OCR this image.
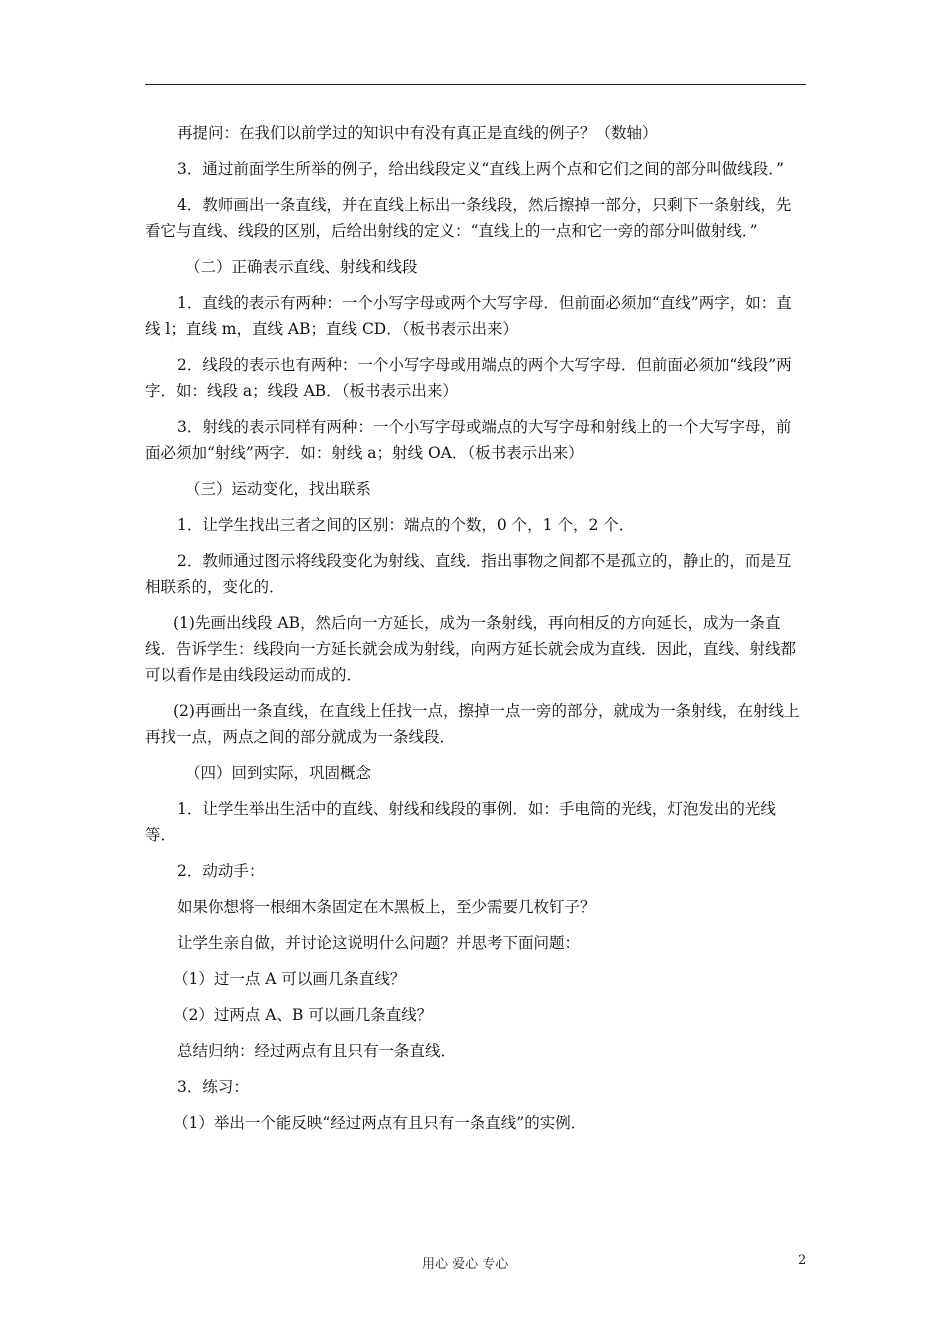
再提问：在我们以前学过的知识中有没有真正是直线的例子？（数轴）

3．通过前面学生所举的例子，给出线段定义“直线上两个点和它们之间的部分叫做线段．”

4．教师画出一条直线，并在直线上标出一条线段，然后擦掉一部分，只剩下一条射线，先看它与直线、线段的区别，后给出射线的定义：“直线上的一点和它一旁的部分叫做射线．”

（二）正确表示直线、射线和线段

1．直线的表示有两种：一个小写字母或两个大写字母．但前面必须加“直线”两字，如：直线 l；直线 m，直线 AB；直线 CD．（板书表示出来）

2．线段的表示也有两种：一个小写字母或用端点的两个大写字母．但前面必须加“线段”两字．如：线段 a；线段 AB．（板书表示出来）

3．射线的表示同样有两种：一个小写字母或端点的大写字母和射线上的一个大写字母，前面必须加“射线”两字．如：射线 a；射线 OA．（板书表示出来）

（三）运动变化，找出联系

1．让学生找出三者之间的区别：端点的个数，0 个，1 个，2 个．

2．教师通过图示将线段变化为射线、直线．指出事物之间都不是孤立的，静止的，而是互相联系的，变化的．

(1)先画出线段 AB，然后向一方延长，成为一条射线，再向相反的方向延长，成为一条直线．告诉学生：线段向一方延长就会成为射线，向两方延长就会成为直线．因此，直线、射线都可以看作是由线段运动而成的．

(2)再画出一条直线，在直线上任找一点，擦掉一点一旁的部分，就成为一条射线，在射线上再找一点，两点之间的部分就成为一条线段．

（四）回到实际，巩固概念

1．让学生举出生活中的直线、射线和线段的事例．如：手电筒的光线，灯泡发出的光线等．

2．动动手：

如果你想将一根细木条固定在木黑板上，至少需要几枚钉子？

让学生亲自做，并讨论这说明什么问题？并思考下面问题：

（1）过一点 A 可以画几条直线？

（2）过两点 A、B 可以画几条直线？

总结归纳：经过两点有且只有一条直线．

3．练习：

（1）举出一个能反映“经过两点有且只有一条直线”的实例．

用心 爱心 专心	2
